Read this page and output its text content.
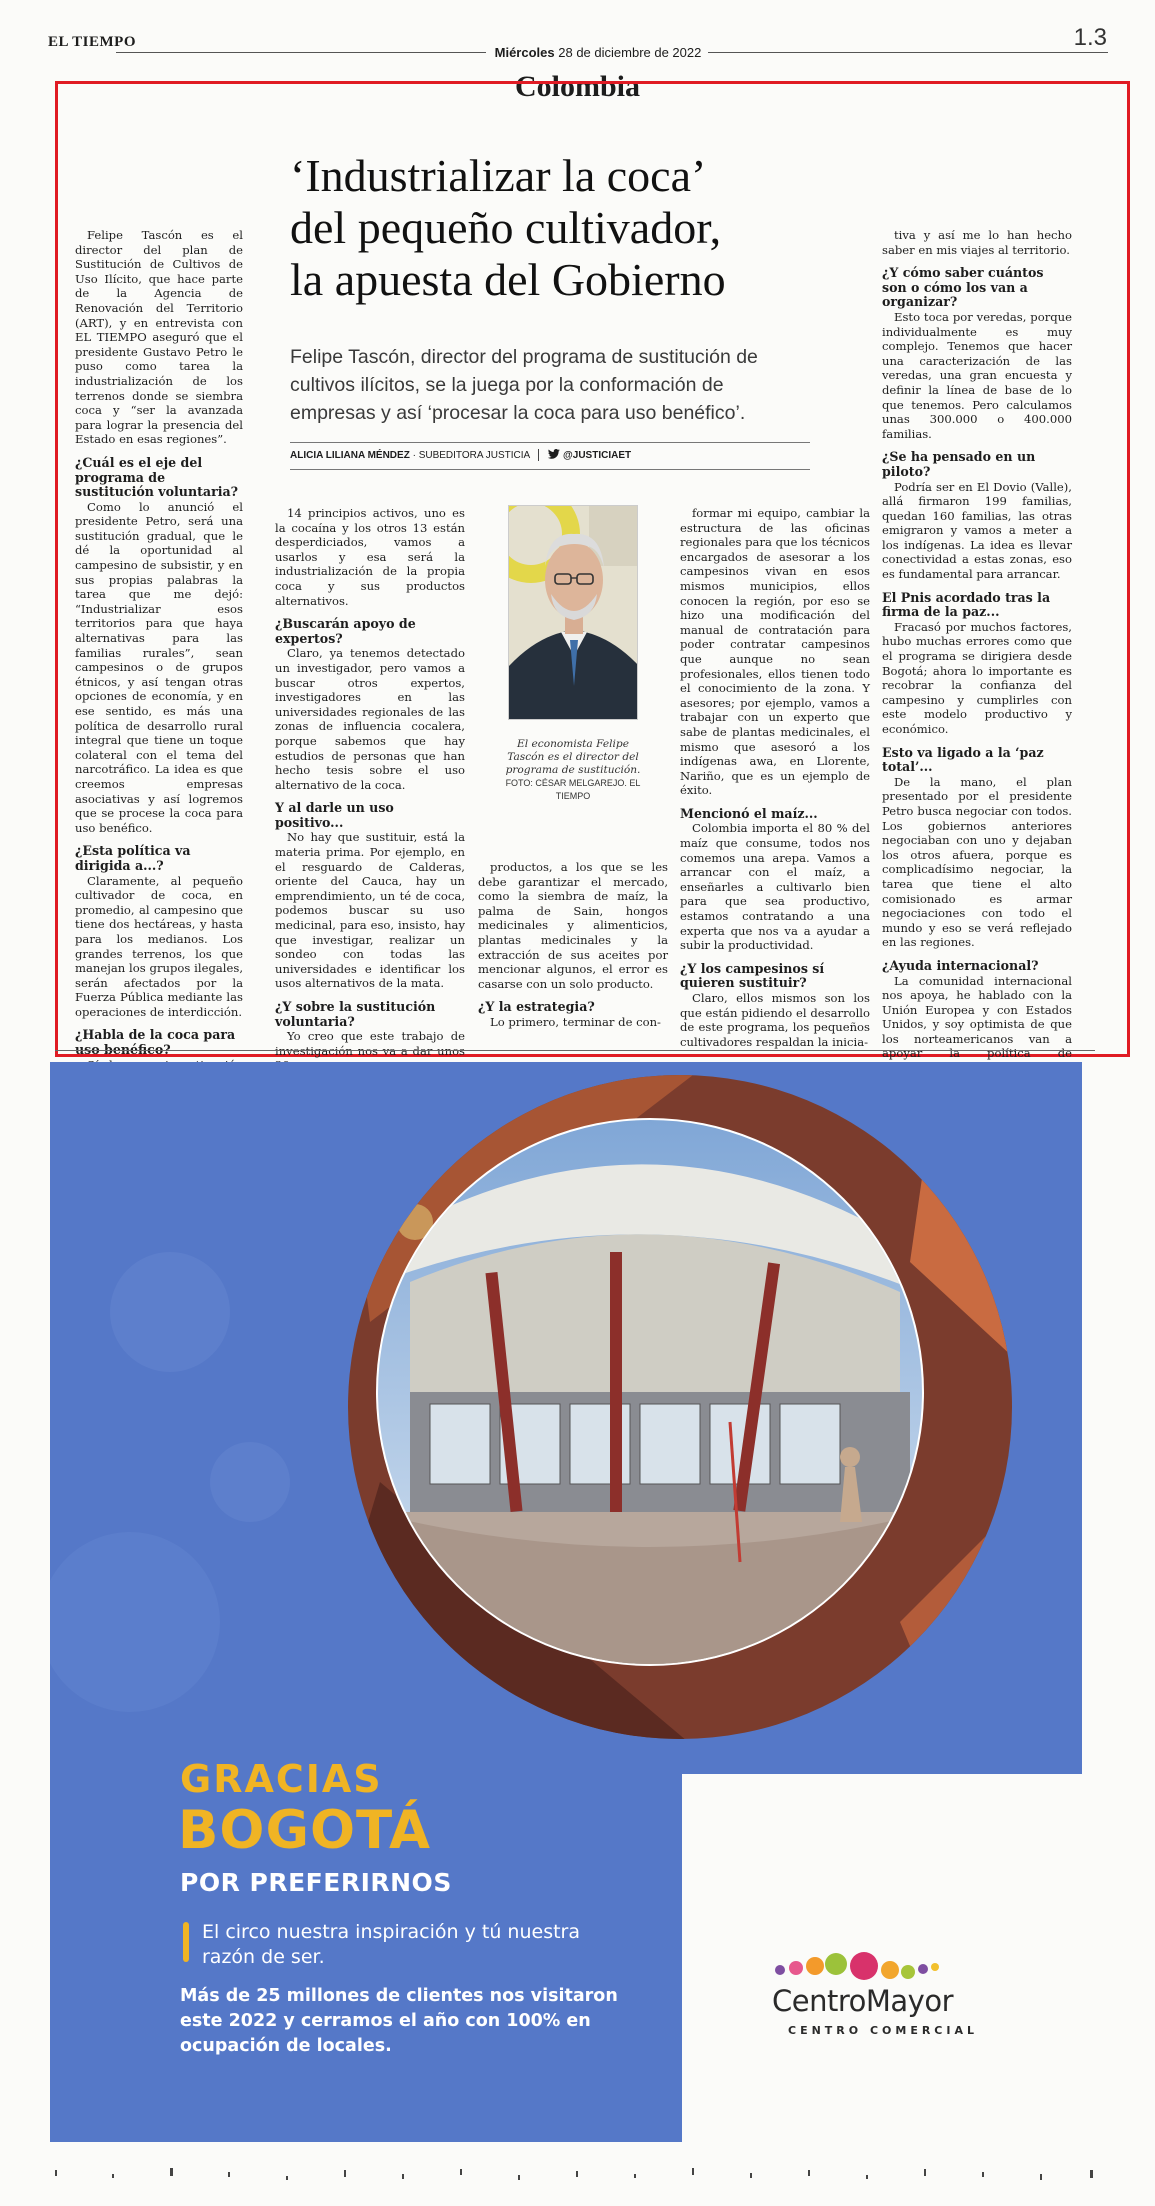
EL TIEMPO
Miércoles 28 de diciembre de 2022
1.3
Colombia
‘Industrializar la coca’
del pequeño cultivador,
la apuesta del Gobierno
Felipe Tascón, director del programa de sustitución de cultivos ilícitos, se la juega por la conformación de empresas y así ‘procesar la coca para uso benéfico’.
ALICIA LILIANA MÉNDEZ · SUBEDITORA JUSTICIA	@JUSTICIAET

Felipe Tascón es el director del plan de Sustitución de Cultivos de Uso Ilícito, que hace parte de la Agencia de Renovación del Territorio (ART), y en entrevista con EL TIEMPO aseguró que el presidente Gustavo Petro le puso como tarea la industrialización de los terrenos donde se siembra coca y “ser la avanzada para lograr la presencia del Estado en esas regiones”.

¿Cuál es el eje del programa de sustitución voluntaria?

Como lo anunció el presidente Petro, será una sustitución gradual, que le dé la oportunidad al campesino de subsistir, y en sus propias palabras la tarea que me dejó: “Industrializar esos territorios para que haya alternativas para las familias rurales”, sean campesinos o de grupos étnicos, y así tengan otras opciones de economía, y en ese sentido, es más una política de desarrollo rural integral que tiene un toque colateral con el tema del narcotráfico. La idea es que creemos empresas asociativas y así logremos que se procese la coca para uso benéfico.

¿Esta política va dirigida a...?

Claramente, al pequeño cultivador de coca, en promedio, al campesino que tiene dos hectáreas, y hasta para los medianos. Los grandes terrenos, los que manejan los grupos ilegales, serán afectados por la Fuerza Pública mediante las operaciones de interdicción.

¿Habla de la coca para uso benéfico?

14 principios activos, uno es la cocaína y los otros 13 están desperdiciados, vamos a usarlos y esa será la industrialización de la propia coca y sus productos alternativos.

¿Buscarán apoyo de expertos?

Claro, ya tenemos detectado un investigador, pero vamos a buscar otros expertos, investigadores en las universidades regionales de las zonas de influencia cocalera, porque sabemos que hay estudios de personas que han hecho tesis sobre el uso alternativo de la coca.

Y al darle un uso positivo...

No hay que sustituir, está la materia prima. Por ejemplo, en el resguardo de Calderas, oriente del Cauca, hay un emprendimiento, un té de coca, podemos buscar su uso medicinal, para eso, insisto, hay que investigar, realizar un sondeo con todas las universidades e identificar los usos alternativos de la mata.

¿Y sobre la sustitución voluntaria?

Yo creo que este trabajo de investigación nos va a dar unos

productos, a los que se les debe garantizar el mercado, como la siembra de maíz, la palma de Sain, hongos medicinales y alimenticios, plantas medicinales y la extracción de sus aceites por mencionar algunos, el error es casarse con un solo producto.

¿Y la estrategia?

Lo primero, terminar de con-

formar mi equipo, cambiar la estructura de las oficinas regionales para que los técnicos encargados de asesorar a los campesinos vivan en esos mismos municipios, ellos conocen la región, por eso se hizo una modificación del manual de contratación para poder contratar campesinos que aunque no sean profesionales, ellos tienen todo el conocimiento de la zona. Y asesores; por ejemplo, vamos a trabajar con un experto que sabe de plantas medicinales, el mismo que asesoró a los indígenas awa, en Llorente, Nariño, que es un ejemplo de éxito.

Mencionó el maíz...

Colombia importa el 80 % del maíz que consume, todos nos comemos una arepa. Vamos a arrancar con el maíz, a enseñarles a cultivarlo bien para que sea productivo, estamos contratando a una experta que nos va a ayudar a subir la productividad.

¿Y los campesinos sí quieren sustituir?

Claro, ellos mismos son los que están pidiendo el desarrollo de este programa, los pequeños cultivadores respaldan la inicia-

tiva y así me lo han hecho saber en mis viajes al territorio.

¿Y cómo saber cuántos son o cómo los van a organizar?

Esto toca por veredas, porque individualmente es muy complejo. Tenemos que hacer una caracterización de las veredas, una gran encuesta y definir la línea de base de lo que tenemos. Pero calculamos unas 300.000 o 400.000 familias.

¿Se ha pensado en un piloto?

Podría ser en El Dovio (Valle), allá firmaron 199 familias, quedan 160 familias, las otras emigraron y vamos a meter a los indígenas. La idea es llevar conectividad a estas zonas, eso es fundamental para arrancar.

El Pnis acordado tras la firma de la paz...

Fracasó por muchos factores, hubo muchas errores como que el programa se dirigiera desde Bogotá; ahora lo importante es recobrar la confianza del campesino y cumplirles con este modelo productivo y económico.

Esto va ligado a la ‘paz total’...

De la mano, el plan presentado por el presidente Petro busca negociar con todos. Los gobiernos anteriores negociaban con uno y dejaban los otros afuera, porque es complicadísimo negociar, la tarea que tiene el alto comisionado es armar negociaciones con todo el mundo y eso se verá reflejado en las regiones.

¿Ayuda internacional?

La comunidad internacional nos apoya, he hablado con la Unión Europea y con Estados Unidos, y soy optimista de que los norteamericanos van a apoyar la política de

El economista Felipe Tascón es el director del programa de sustitución. FOTO: CÉSAR MELGAREJO. EL TIEMPO
GRACIAS
BOGOTÁ
POR PREFERIRNOS
El circo nuestra inspiración y tú nuestra razón de ser.
Más de 25 millones de clientes nos visitaron este 2022 y cerramos el año con 100% en ocupación de locales.
CentroMayor
CENTRO COMERCIAL
